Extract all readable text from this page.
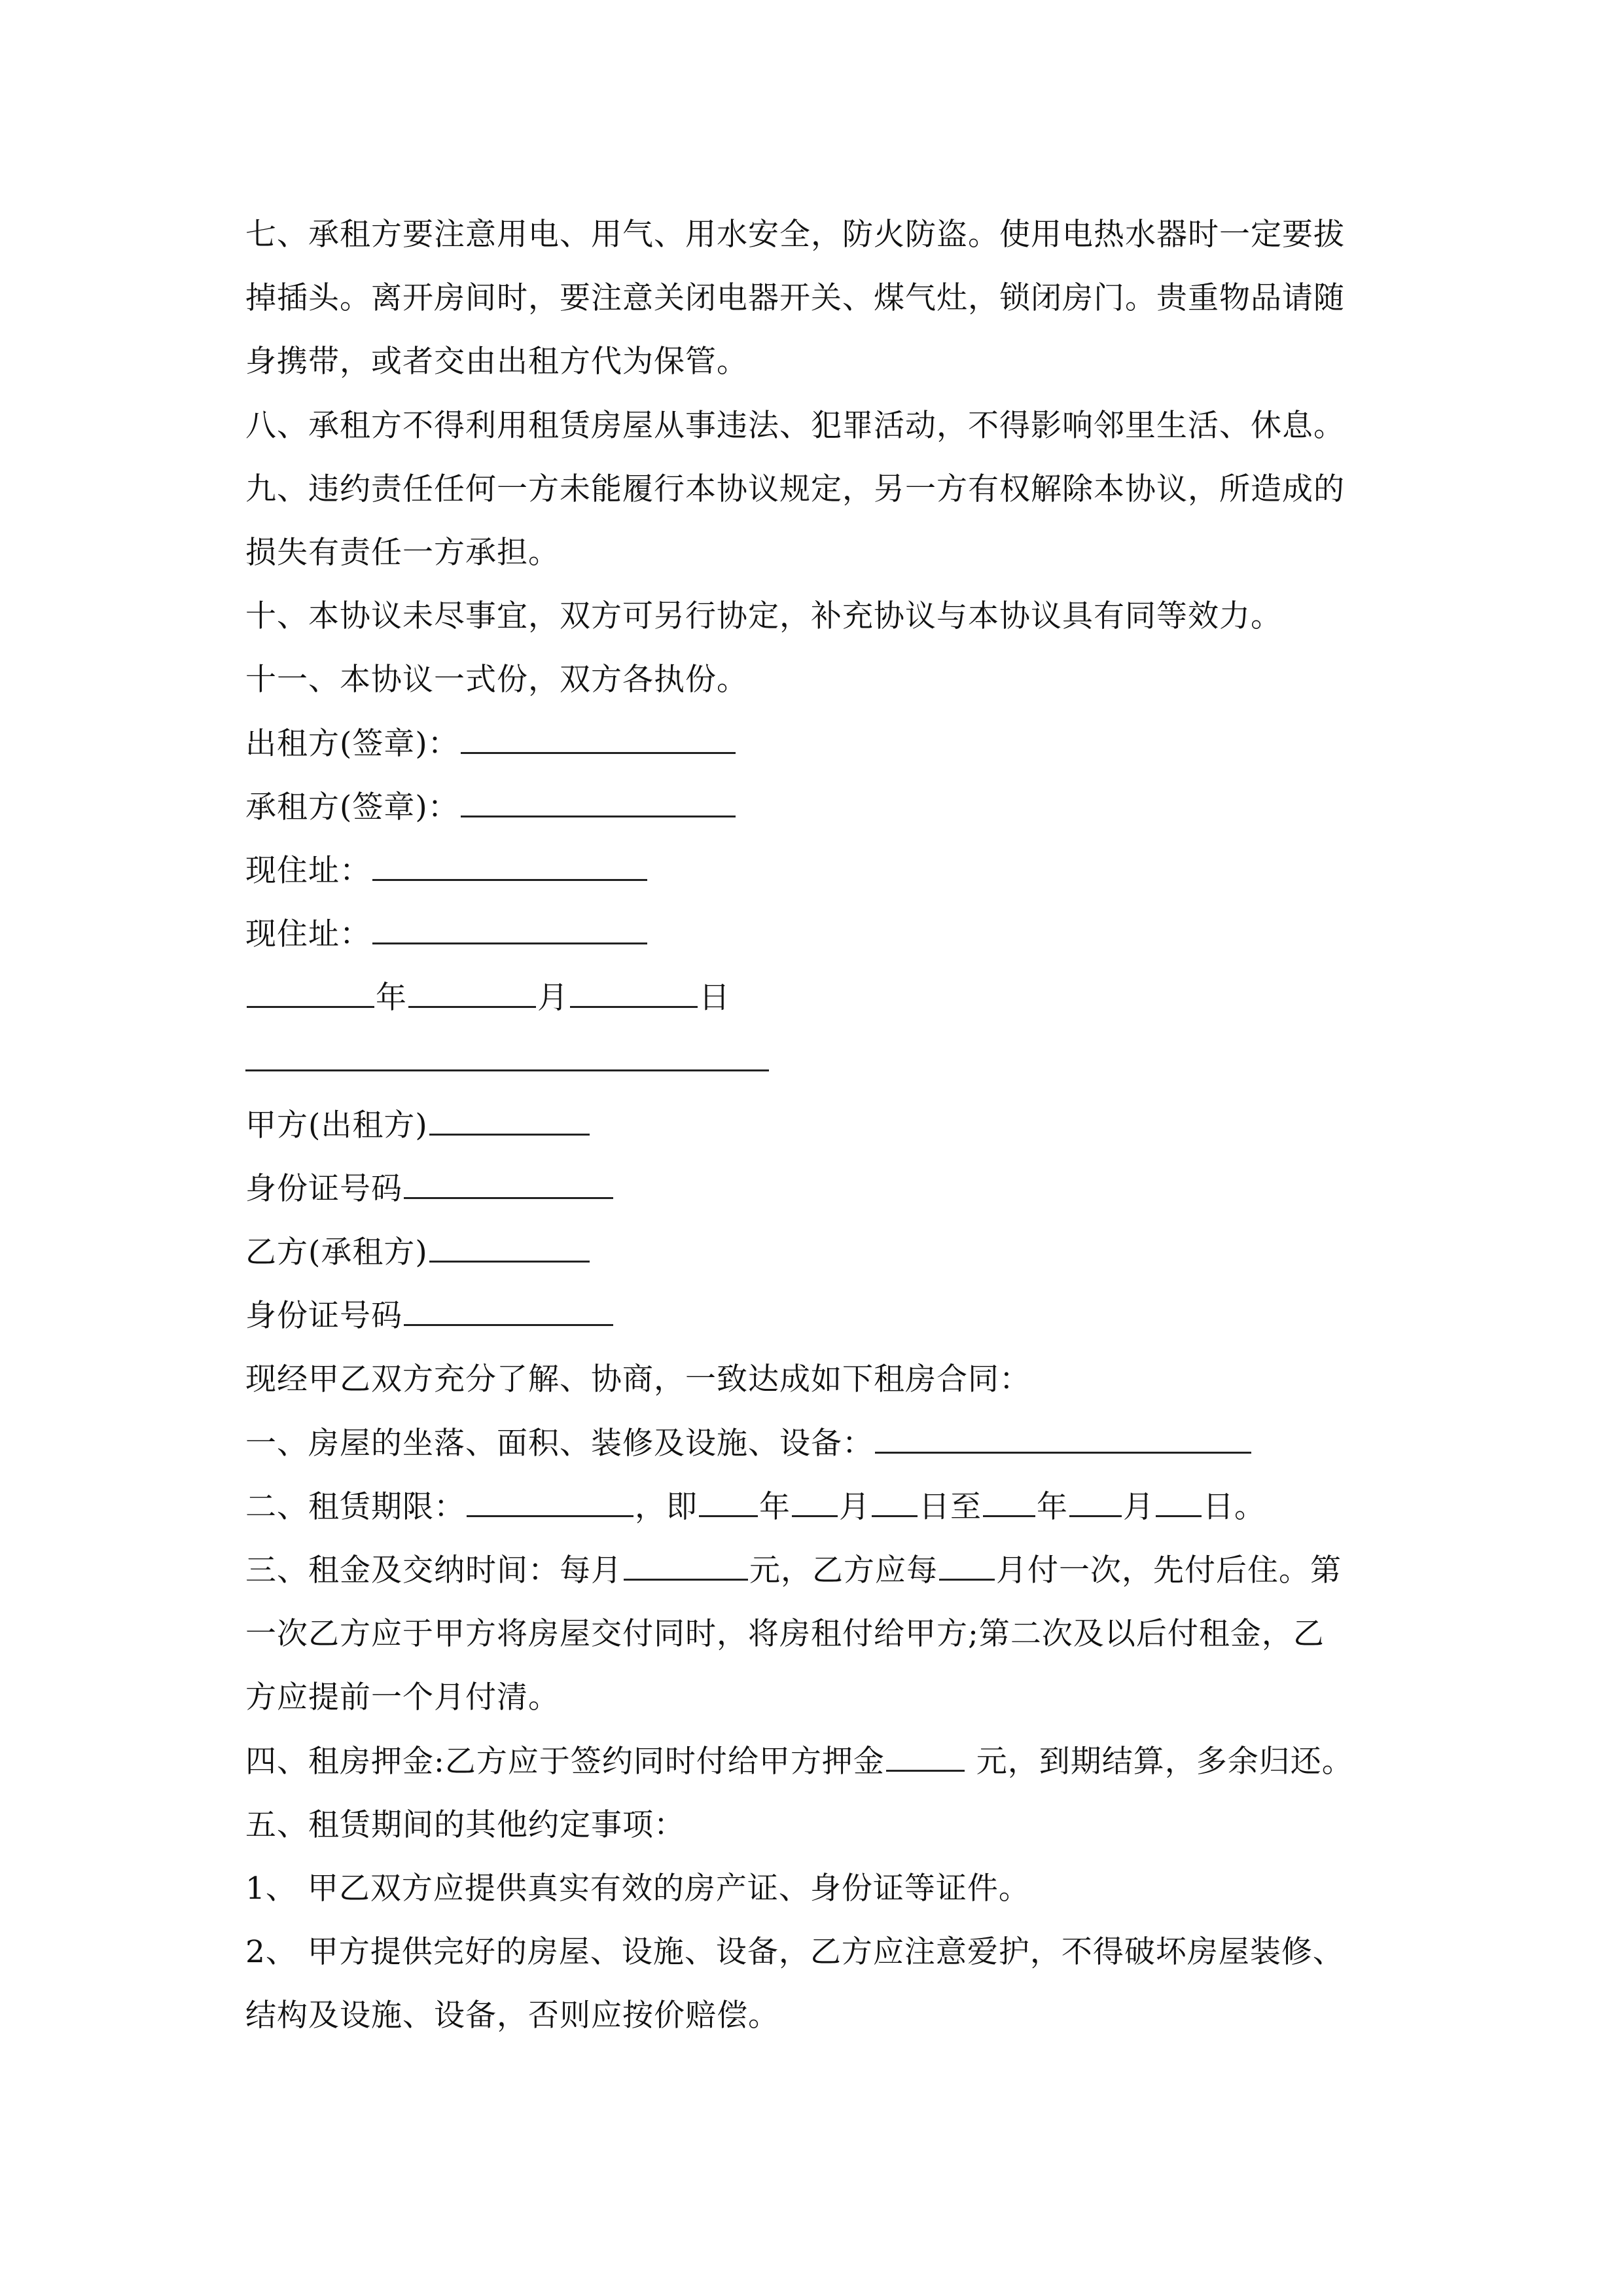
七、承租方要注意用电、用气、用水安全，防火防盗。使用电热水器时一定要拔
掉插头。离开房间时，要注意关闭电器开关、煤气灶，锁闭房门。贵重物品请随
身携带，或者交由出租方代为保管。
八、承租方不得利用租赁房屋从事违法、犯罪活动，不得影响邻里生活、休息。
九、违约责任任何一方未能履行本协议规定，另一方有权解除本协议，所造成的
损失有责任一方承担。
十、本协议未尽事宜，双方可另行协定，补充协议与本协议具有同等效力。
十一、本协议一式份，双方各执份。
出租方(签章)：
承租方(签章)：
现住址：
现住址：
年	月	日
甲方(出租方)
身份证号码
乙方(承租方)
身份证号码
现经甲乙双方充分了解、协商，一致达成如下租房合同：
一、房屋的坐落、面积、装修及设施、设备：
二、租赁期限：	，即 年 月 日至 年 月 日。
三、租金及交纳时间：每月	元，乙方应每 月付一次，先付后住。第
一次乙方应于甲方将房屋交付同时，将房租付给甲方;第二次及以后付租金，乙
方应提前一个月付清。
四、租房押金:乙方应于签约同时付给甲方押金	元，到期结算，多余归还。
五、租赁期间的其他约定事项：
1、 甲乙双方应提供真实有效的房产证、身份证等证件。
2、 甲方提供完好的房屋、设施、设备，乙方应注意爱护，不得破坏房屋装修、
结构及设施、设备，否则应按价赔偿。
